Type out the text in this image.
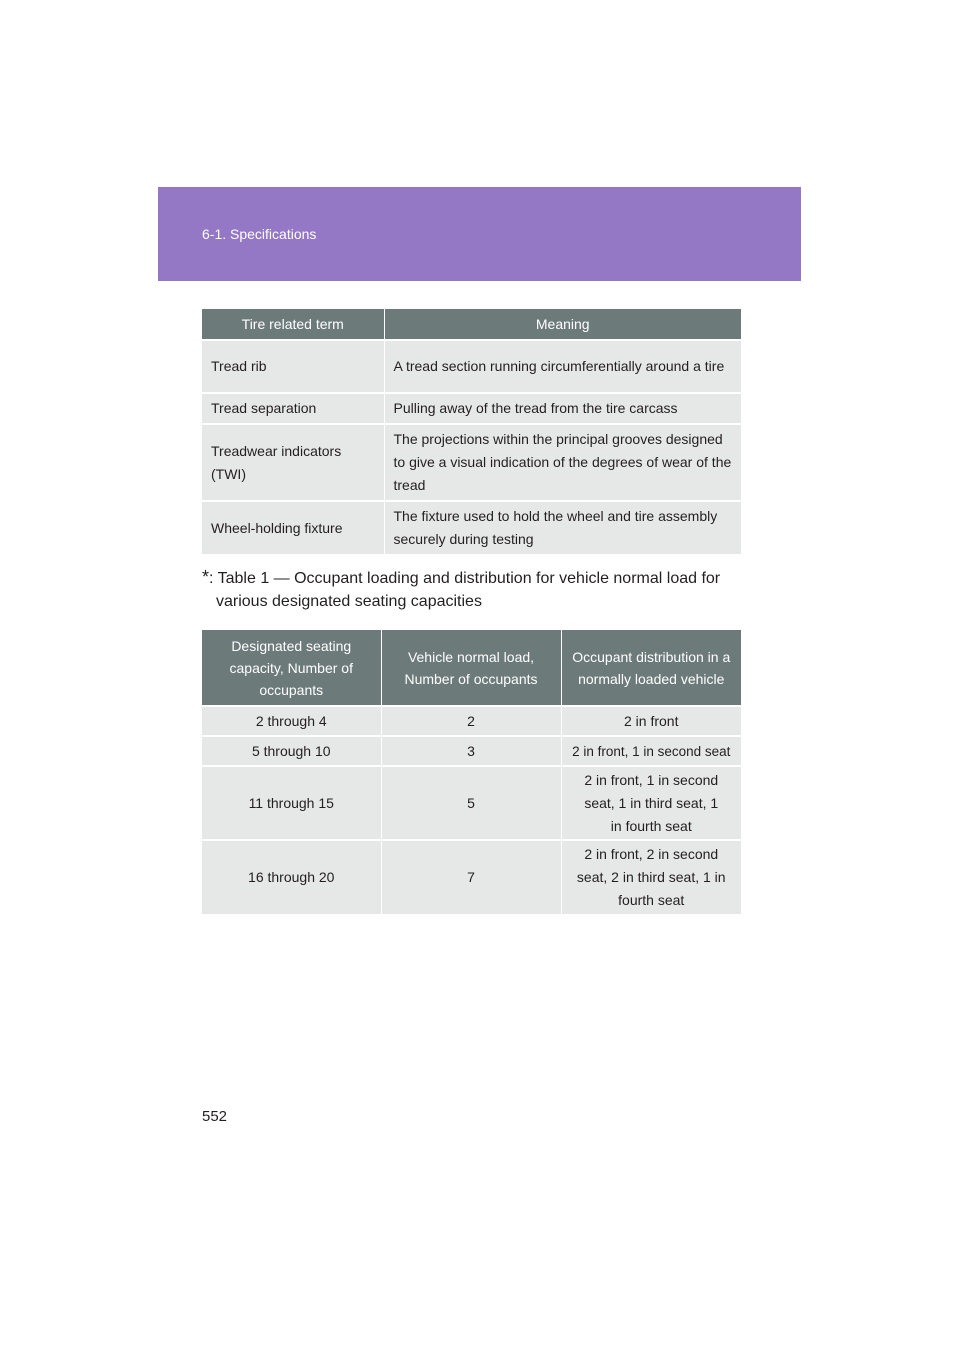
6-1. Specifications
Tire related term	Meaning
Tread rib	A tread section running circumferentially around a tire
Tread separation	Pulling away of the tread from the tire carcass
Treadwear indicators (TWI)	The projections within the principal grooves designed to give a visual indication of the degrees of wear of the tread
Wheel-holding fixture	The fixture used to hold the wheel and tire assembly securely during testing
*: Table 1 — Occupant loading and distribution for vehicle normal load for
various designated seating capacities
Designated seating capacity, Number of occupants	Vehicle normal load, Number of occupants	Occupant distribution in a normally loaded vehicle
2 through 4	2	2 in front
5 through 10	3	2 in front, 1 in second seat
11 through 15	5	2 in front, 1 in second seat, 1 in third seat, 1 in fourth seat
16 through 20	7	2 in front, 2 in second seat, 2 in third seat, 1 in fourth seat
552
